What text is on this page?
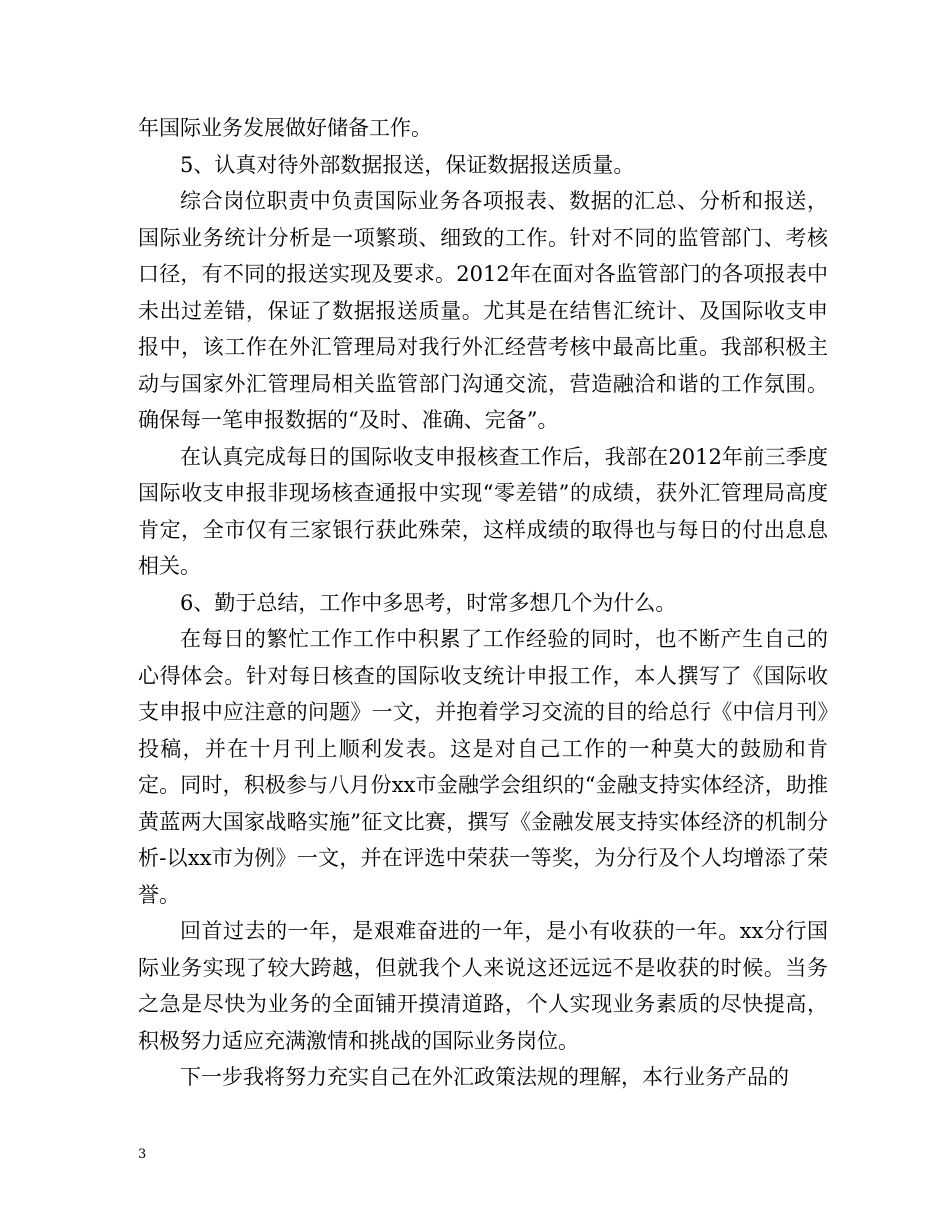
年国际业务发展做好储备工作。

5、认真对待外部数据报送，保证数据报送质量。

综合岗位职责中负责国际业务各项报表、数据的汇总、分析和报送，国际业务统计分析是一项繁琐、细致的工作。针对不同的监管部门、考核口径，有不同的报送实现及要求。2012年在面对各监管部门的各项报表中未出过差错，保证了数据报送质量。尤其是在结售汇统计、及国际收支申报中，该工作在外汇管理局对我行外汇经营考核中最高比重。我部积极主动与国家外汇管理局相关监管部门沟通交流，营造融洽和谐的工作氛围。确保每一笔申报数据的“及时、准确、完备”。

在认真完成每日的国际收支申报核查工作后，我部在2012年前三季度国际收支申报非现场核查通报中实现“零差错”的成绩，获外汇管理局高度肯定，全市仅有三家银行获此殊荣，这样成绩的取得也与每日的付出息息相关。

6、勤于总结，工作中多思考，时常多想几个为什么。

在每日的繁忙工作工作中积累了工作经验的同时，也不断产生自己的心得体会。针对每日核查的国际收支统计申报工作，本人撰写了《国际收支申报中应注意的问题》一文，并抱着学习交流的目的给总行《中信月刊》投稿，并在十月刊上顺利发表。这是对自己工作的一种莫大的鼓励和肯定。同时，积极参与八月份xx市金融学会组织的“金融支持实体经济，助推黄蓝两大国家战略实施”征文比赛，撰写《金融发展支持实体经济的机制分析-以xx市为例》一文，并在评选中荣获一等奖，为分行及个人均增添了荣誉。

回首过去的一年，是艰难奋进的一年，是小有收获的一年。xx分行国际业务实现了较大跨越，但就我个人来说这还远远不是收获的时候。当务之急是尽快为业务的全面铺开摸清道路，个人实现业务素质的尽快提高，积极努力适应充满激情和挑战的国际业务岗位。

下一步我将努力充实自己在外汇政策法规的理解，本行业务产品的

3
